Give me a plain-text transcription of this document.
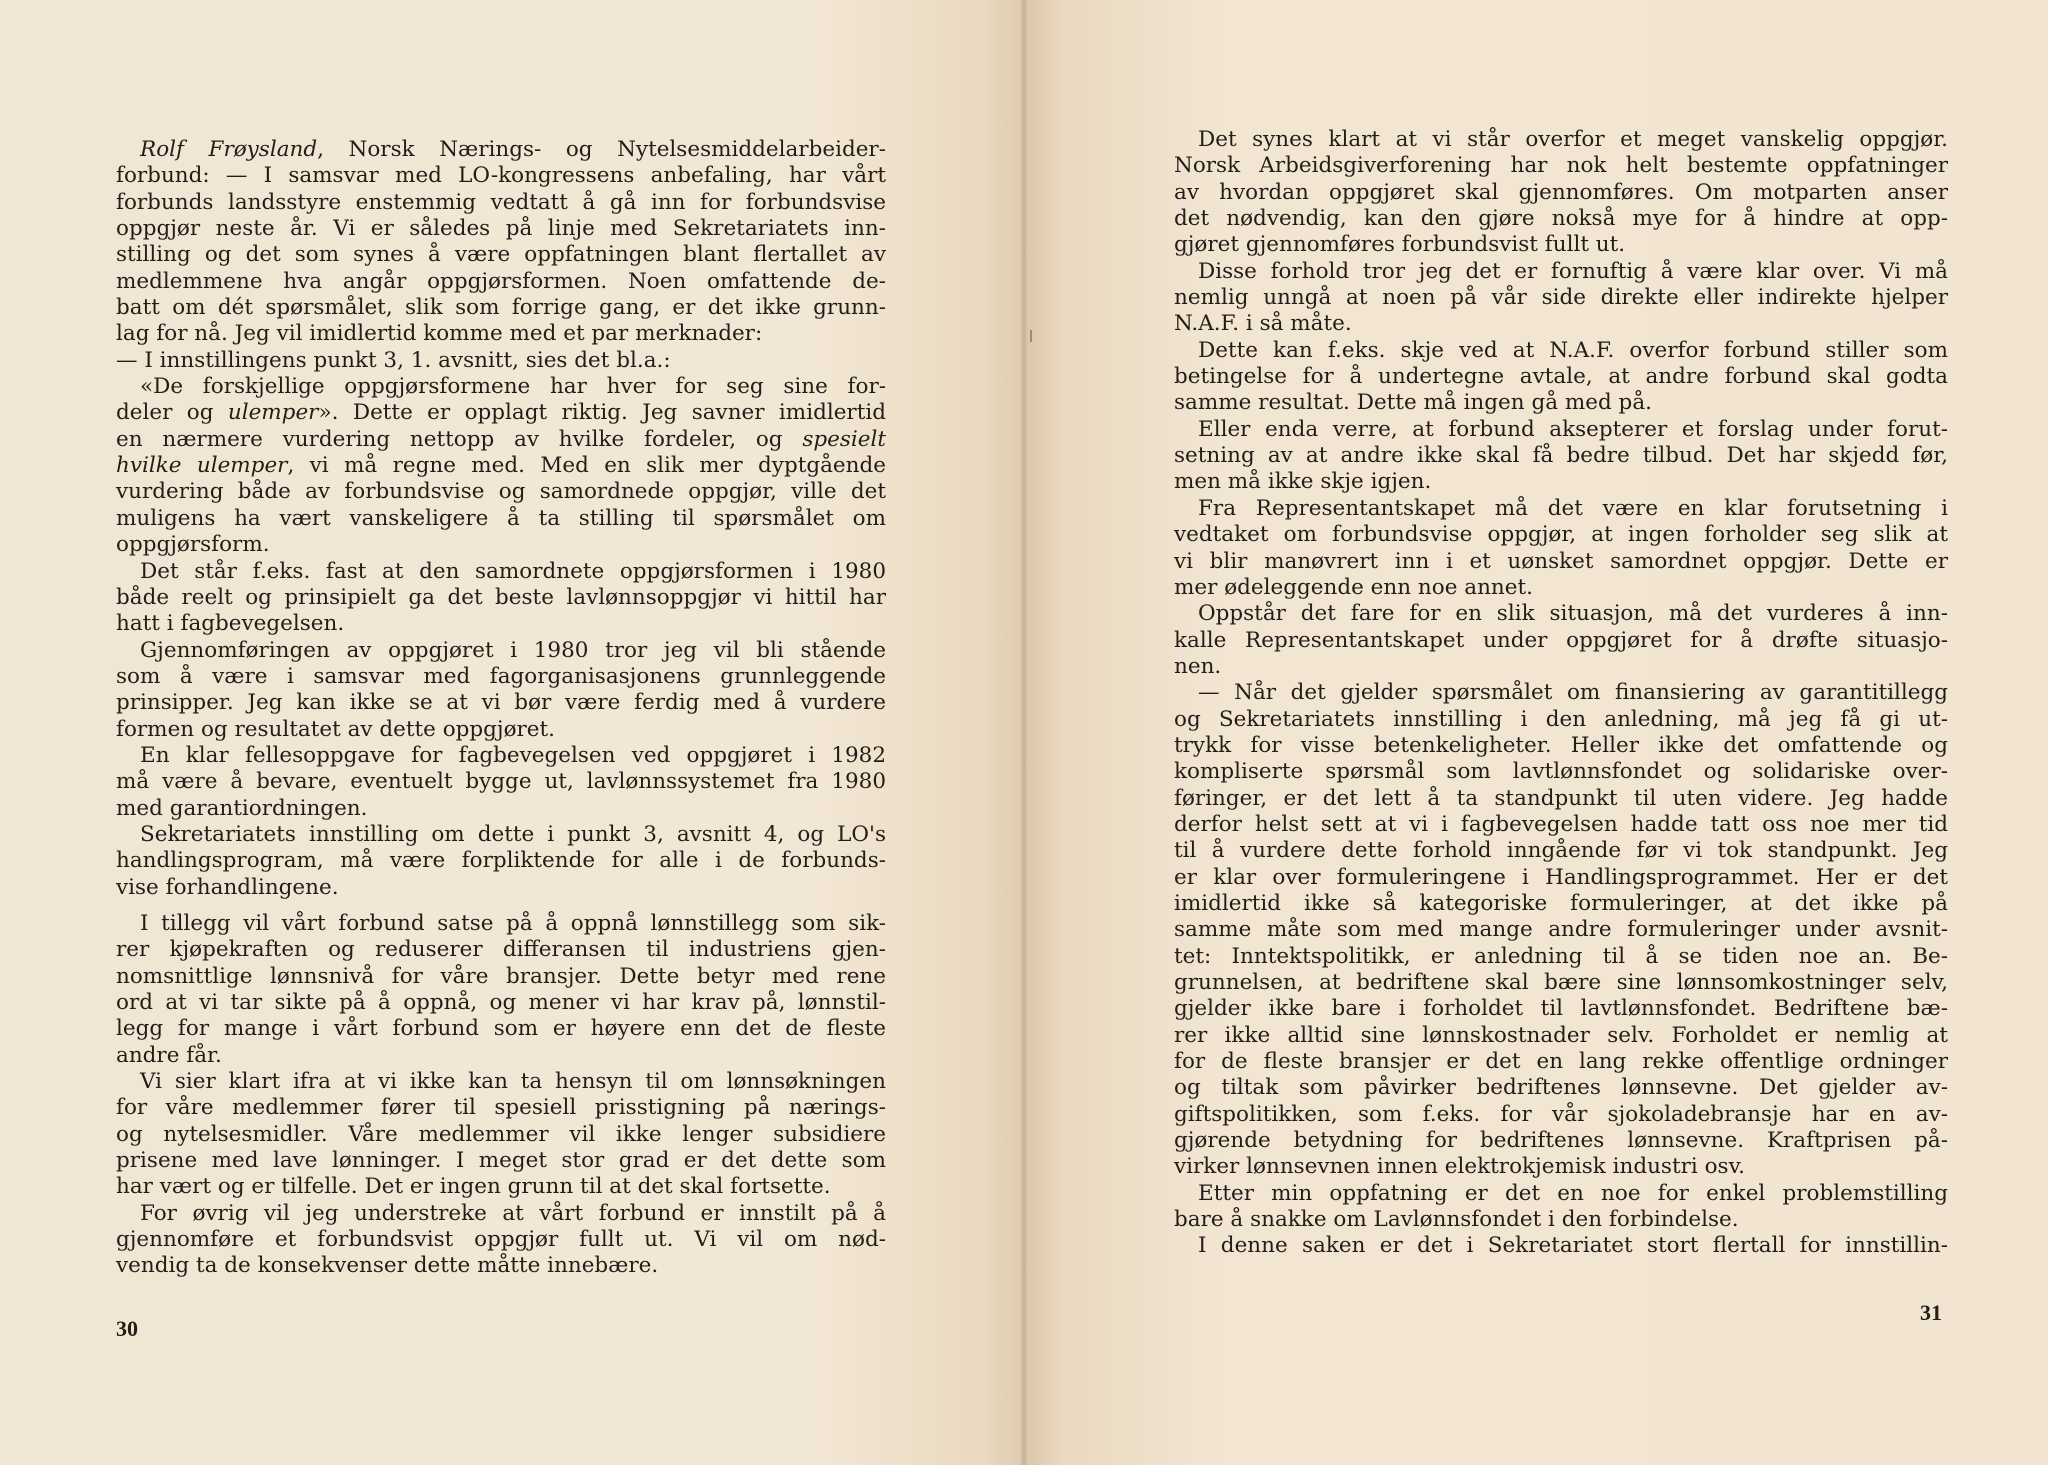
Rolf Frøysland, Norsk Nærings- og Nytelsesmiddelarbeider-
forbund: — I samsvar med LO-kongressens anbefaling, har vårt
forbunds landsstyre enstemmig vedtatt å gå inn for forbundsvise
oppgjør neste år. Vi er således på linje med Sekretariatets inn-
stilling og det som synes å være oppfatningen blant flertallet av
medlemmene hva angår oppgjørsformen. Noen omfattende de-
batt om dét spørsmålet, slik som forrige gang, er det ikke grunn-
lag for nå. Jeg vil imidlertid komme med et par merknader:
— I innstillingens punkt 3, 1. avsnitt, sies det bl.a.:
«De forskjellige oppgjørsformene har hver for seg sine for-
deler og ulemper». Dette er opplagt riktig. Jeg savner imidlertid
en nærmere vurdering nettopp av hvilke fordeler, og spesielt
hvilke ulemper, vi må regne med. Med en slik mer dyptgående
vurdering både av forbundsvise og samordnede oppgjør, ville det
muligens ha vært vanskeligere å ta stilling til spørsmålet om
oppgjørsform.
Det står f.eks. fast at den samordnete oppgjørsformen i 1980
både reelt og prinsipielt ga det beste lavlønnsoppgjør vi hittil har
hatt i fagbevegelsen.
Gjennomføringen av oppgjøret i 1980 tror jeg vil bli stående
som å være i samsvar med fagorganisasjonens grunnleggende
prinsipper. Jeg kan ikke se at vi bør være ferdig med å vurdere
formen og resultatet av dette oppgjøret.
En klar fellesoppgave for fagbevegelsen ved oppgjøret i 1982
må være å bevare, eventuelt bygge ut, lavlønnssystemet fra 1980
med garantiordningen.
Sekretariatets innstilling om dette i punkt 3, avsnitt 4, og LO's
handlingsprogram, må være forpliktende for alle i de forbunds-
vise forhandlingene.
I tillegg vil vårt forbund satse på å oppnå lønnstillegg som sik-
rer kjøpekraften og reduserer differansen til industriens gjen-
nomsnittlige lønnsnivå for våre bransjer. Dette betyr med rene
ord at vi tar sikte på å oppnå, og mener vi har krav på, lønnstil-
legg for mange i vårt forbund som er høyere enn det de fleste
andre får.
Vi sier klart ifra at vi ikke kan ta hensyn til om lønnsøkningen
for våre medlemmer fører til spesiell prisstigning på nærings-
og nytelsesmidler. Våre medlemmer vil ikke lenger subsidiere
prisene med lave lønninger. I meget stor grad er det dette som
har vært og er tilfelle. Det er ingen grunn til at det skal fortsette.
For øvrig vil jeg understreke at vårt forbund er innstilt på å
gjennomføre et forbundsvist oppgjør fullt ut. Vi vil om nød-
vendig ta de konsekvenser dette måtte innebære.
Det synes klart at vi står overfor et meget vanskelig oppgjør.
Norsk Arbeidsgiverforening har nok helt bestemte oppfatninger
av hvordan oppgjøret skal gjennomføres. Om motparten anser
det nødvendig, kan den gjøre nokså mye for å hindre at opp-
gjøret gjennomføres forbundsvist fullt ut.
Disse forhold tror jeg det er fornuftig å være klar over. Vi må
nemlig unngå at noen på vår side direkte eller indirekte hjelper
N.A.F. i så måte.
Dette kan f.eks. skje ved at N.A.F. overfor forbund stiller som
betingelse for å undertegne avtale, at andre forbund skal godta
samme resultat. Dette må ingen gå med på.
Eller enda verre, at forbund aksepterer et forslag under forut-
setning av at andre ikke skal få bedre tilbud. Det har skjedd før,
men må ikke skje igjen.
Fra Representantskapet må det være en klar forutsetning i
vedtaket om forbundsvise oppgjør, at ingen forholder seg slik at
vi blir manøvrert inn i et uønsket samordnet oppgjør. Dette er
mer ødeleggende enn noe annet.
Oppstår det fare for en slik situasjon, må det vurderes å inn-
kalle Representantskapet under oppgjøret for å drøfte situasjo-
nen.
— Når det gjelder spørsmålet om finansiering av garantitillegg
og Sekretariatets innstilling i den anledning, må jeg få gi ut-
trykk for visse betenkeligheter. Heller ikke det omfattende og
kompliserte spørsmål som lavtlønnsfondet og solidariske over-
føringer, er det lett å ta standpunkt til uten videre. Jeg hadde
derfor helst sett at vi i fagbevegelsen hadde tatt oss noe mer tid
til å vurdere dette forhold inngående før vi tok standpunkt. Jeg
er klar over formuleringene i Handlingsprogrammet. Her er det
imidlertid ikke så kategoriske formuleringer, at det ikke på
samme måte som med mange andre formuleringer under avsnit-
tet: Inntektspolitikk, er anledning til å se tiden noe an. Be-
grunnelsen, at bedriftene skal bære sine lønnsomkostninger selv,
gjelder ikke bare i forholdet til lavtlønnsfondet. Bedriftene bæ-
rer ikke alltid sine lønnskostnader selv. Forholdet er nemlig at
for de fleste bransjer er det en lang rekke offentlige ordninger
og tiltak som påvirker bedriftenes lønnsevne. Det gjelder av-
giftspolitikken, som f.eks. for vår sjokoladebransje har en av-
gjørende betydning for bedriftenes lønnsevne. Kraftprisen på-
virker lønnsevnen innen elektrokjemisk industri osv.
Etter min oppfatning er det en noe for enkel problemstilling
bare å snakke om Lavlønnsfondet i den forbindelse.
I denne saken er det i Sekretariatet stort flertall for innstillin-
30
31
